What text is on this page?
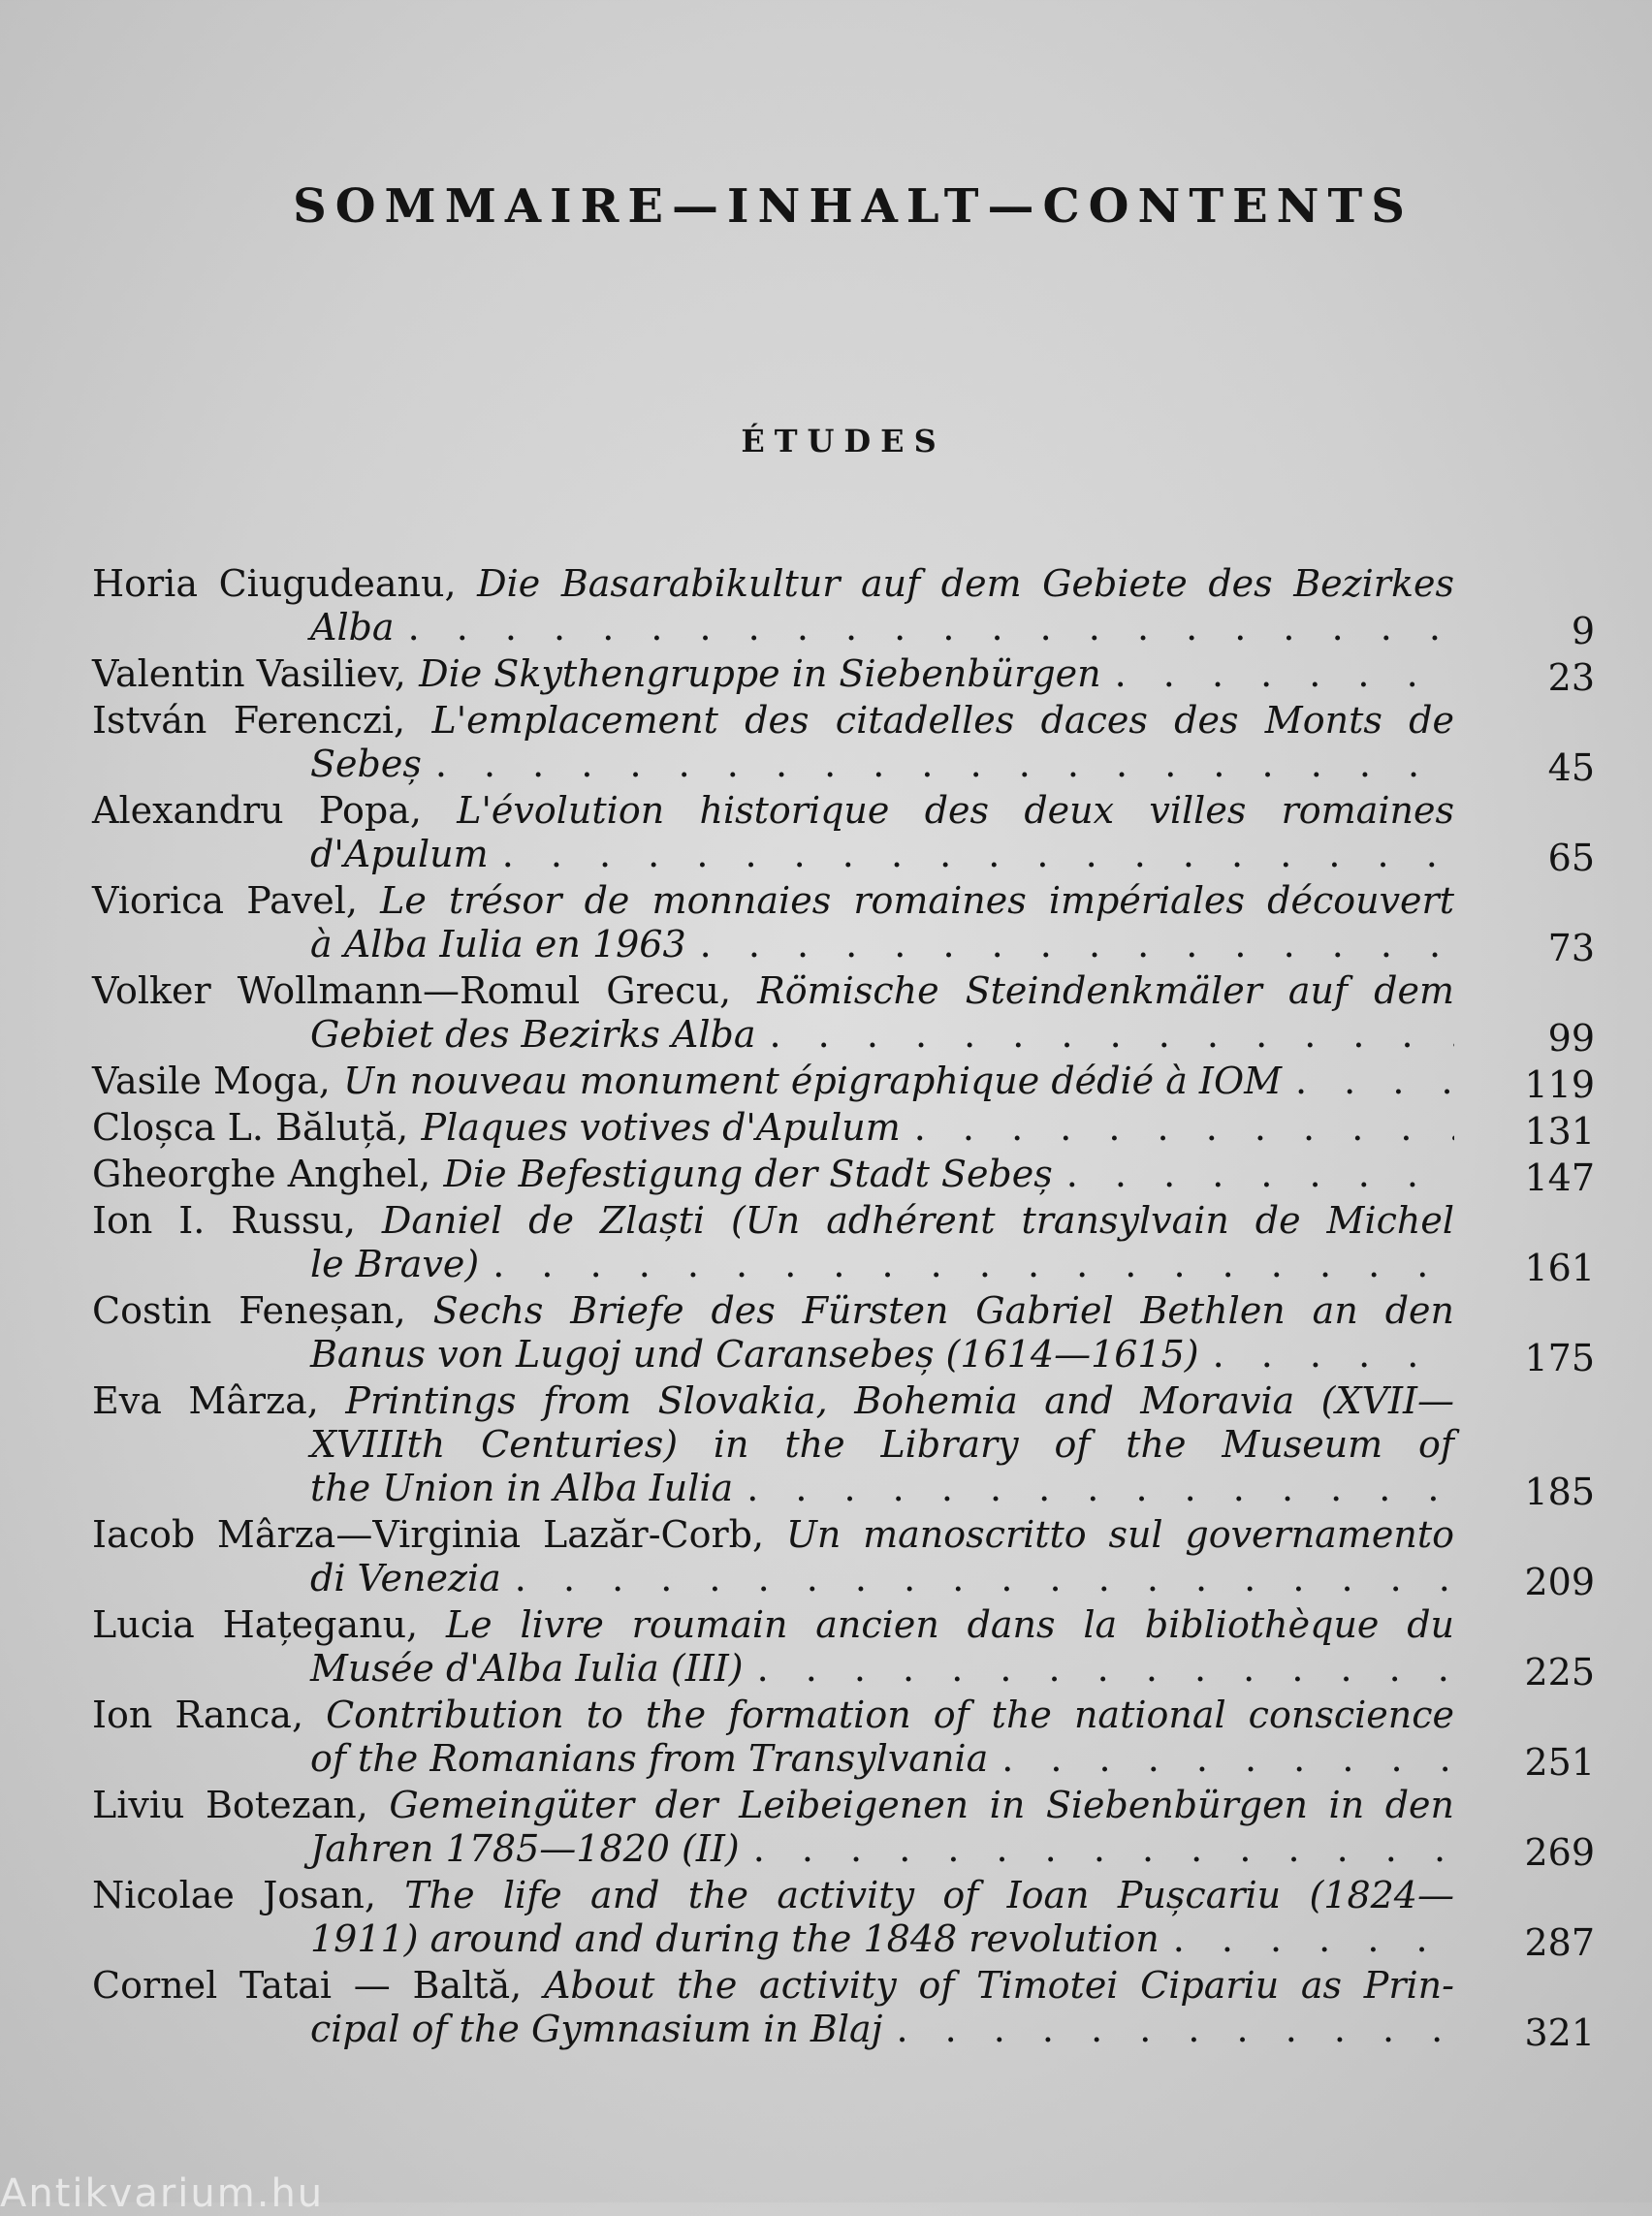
SOMMAIRE—INHALT—CONTENTS
ÉTUDES
Horia Ciugudeanu, Die Basarabikultur auf dem Gebiete des Bezirkes
Alba . . .	9
Valentin Vasiliev, Die Skythengruppe in Siebenbürgen . . .	23
István Ferenczi, L'emplacement des citadelles daces des Monts de
Sebeș . . .	45
Alexandru Popa, L'évolution historique des deux villes romaines
d'Apulum . . .	65
Viorica Pavel, Le trésor de monnaies romaines impériales découvert
à Alba Iulia en 1963 . . .	73
Volker Wollmann—Romul Grecu, Römische Steindenkmäler auf dem
Gebiet des Bezirks Alba . . .	99
Vasile Moga, Un nouveau monument épigraphique dédié à IOM . . .	119
Cloșca L. Băluță, Plaques votives d'Apulum . . .	131
Gheorghe Anghel, Die Befestigung der Stadt Sebeș . . .	147
Ion I. Russu, Daniel de Zlaști (Un adhérent transylvain de Michel
le Brave) . . .	161
Costin Feneșan, Sechs Briefe des Fürsten Gabriel Bethlen an den
Banus von Lugoj und Caransebeș (1614—1615) . . .	175
Eva Mârza, Printings from Slovakia, Bohemia and Moravia (XVII—
XVIIIth Centuries) in the Library of the Museum of
the Union in Alba Iulia . . .	185
Iacob Mârza—Virginia Lazăr-Corb, Un manoscritto sul governamento
di Venezia . . .	209
Lucia Hațeganu, Le livre roumain ancien dans la bibliothèque du
Musée d'Alba Iulia (III) . . .	225
Ion Ranca, Contribution to the formation of the national conscience
of the Romanians from Transylvania . . .	251
Liviu Botezan, Gemeingüter der Leibeigenen in Siebenbürgen in den
Jahren 1785—1820 (II) . . .	269
Nicolae Josan, The life and the activity of Ioan Pușcariu (1824—
1911) around and during the 1848 revolution . . .	287
Cornel Tatai — Baltă, About the activity of Timotei Cipariu as Prin-
cipal of the Gymnasium in Blaj . . .	321
Antikvarium.hu
